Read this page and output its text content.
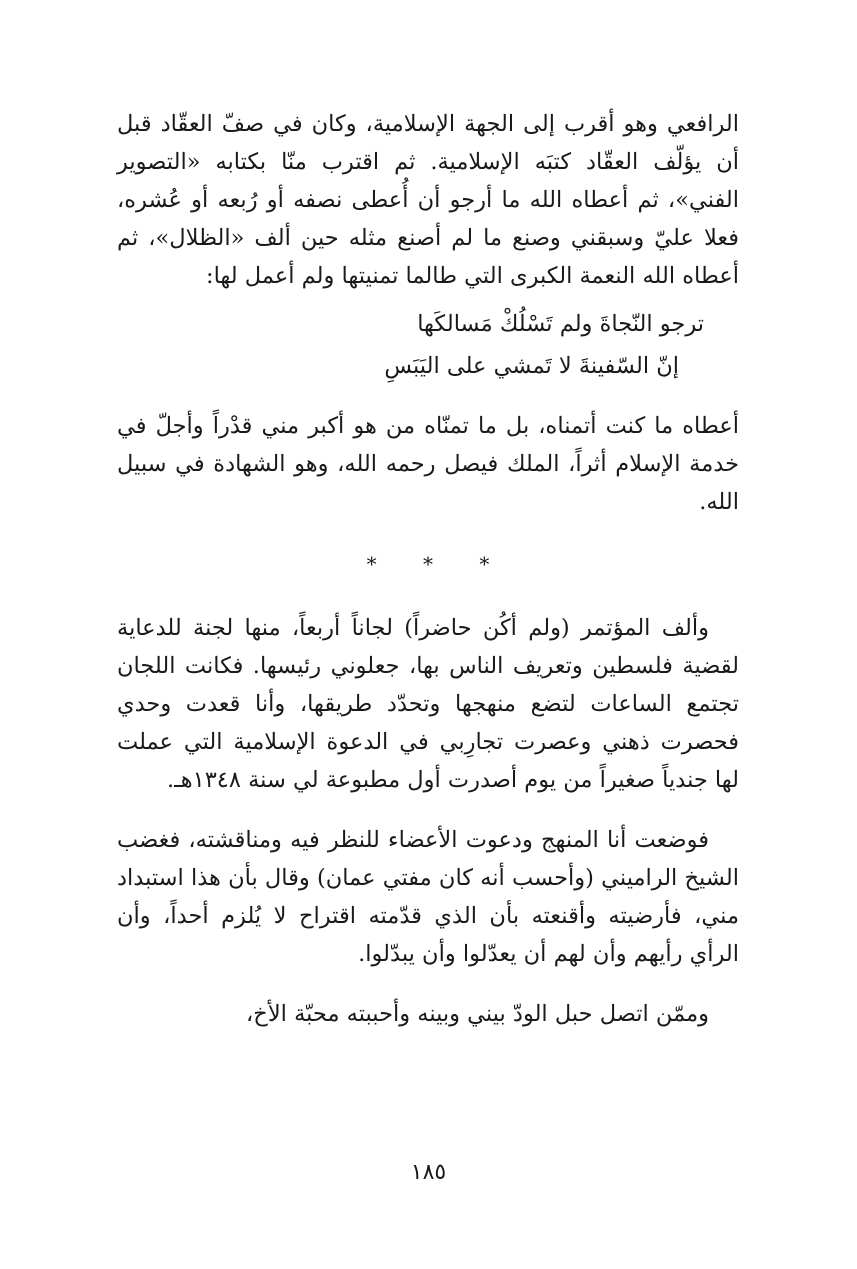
الرافعي وهو أقرب إلى الجهة الإسلامية، وكان في صفّ العقّاد قبل أن يؤلّف العقّاد كتبَه الإسلامية. ثم اقترب منّا بكتابه «التصوير الفني»، ثم أعطاه الله ما أرجو أن أُعطى نصفه أو رُبعه أو عُشره، فعلا عليّ وسبقني وصنع ما لم أصنع مثله حين ألف «الظلال»، ثم أعطاه الله النعمة الكبرى التي طالما تمنيتها ولم أعمل لها:

ترجو النّجاةَ ولم تَسْلُكْ مَسالكَها

إنّ السّفينةَ لا تَمشي على اليَبَسِ

أعطاه ما كنت أتمناه، بل ما تمنّاه من هو أكبر مني قدْراً وأجلّ في خدمة الإسلام أثراً، الملك فيصل رحمه الله، وهو الشهادة في سبيل الله.

* * *

وألف المؤتمر (ولم أكُن حاضراً) لجاناً أربعاً، منها لجنة للدعاية لقضية فلسطين وتعريف الناس بها، جعلوني رئيسها. فكانت اللجان تجتمع الساعات لتضع منهجها وتحدّد طريقها، وأنا قعدت وحدي فحصرت ذهني وعصرت تجارِبي في الدعوة الإسلامية التي عملت لها جندياً صغيراً من يوم أصدرت أول مطبوعة لي سنة ١٣٤٨هـ.

فوضعت أنا المنهج ودعوت الأعضاء للنظر فيه ومناقشته، فغضب الشيخ الراميني (وأحسب أنه كان مفتي عمان) وقال بأن هذا استبداد مني، فأرضيته وأقنعته بأن الذي قدّمته اقتراح لا يُلزم أحداً، وأن الرأي رأيهم وأن لهم أن يعدّلوا وأن يبدّلوا.

وممّن اتصل حبل الودّ بيني وبينه وأحببته محبّة الأخ،

١٨٥
